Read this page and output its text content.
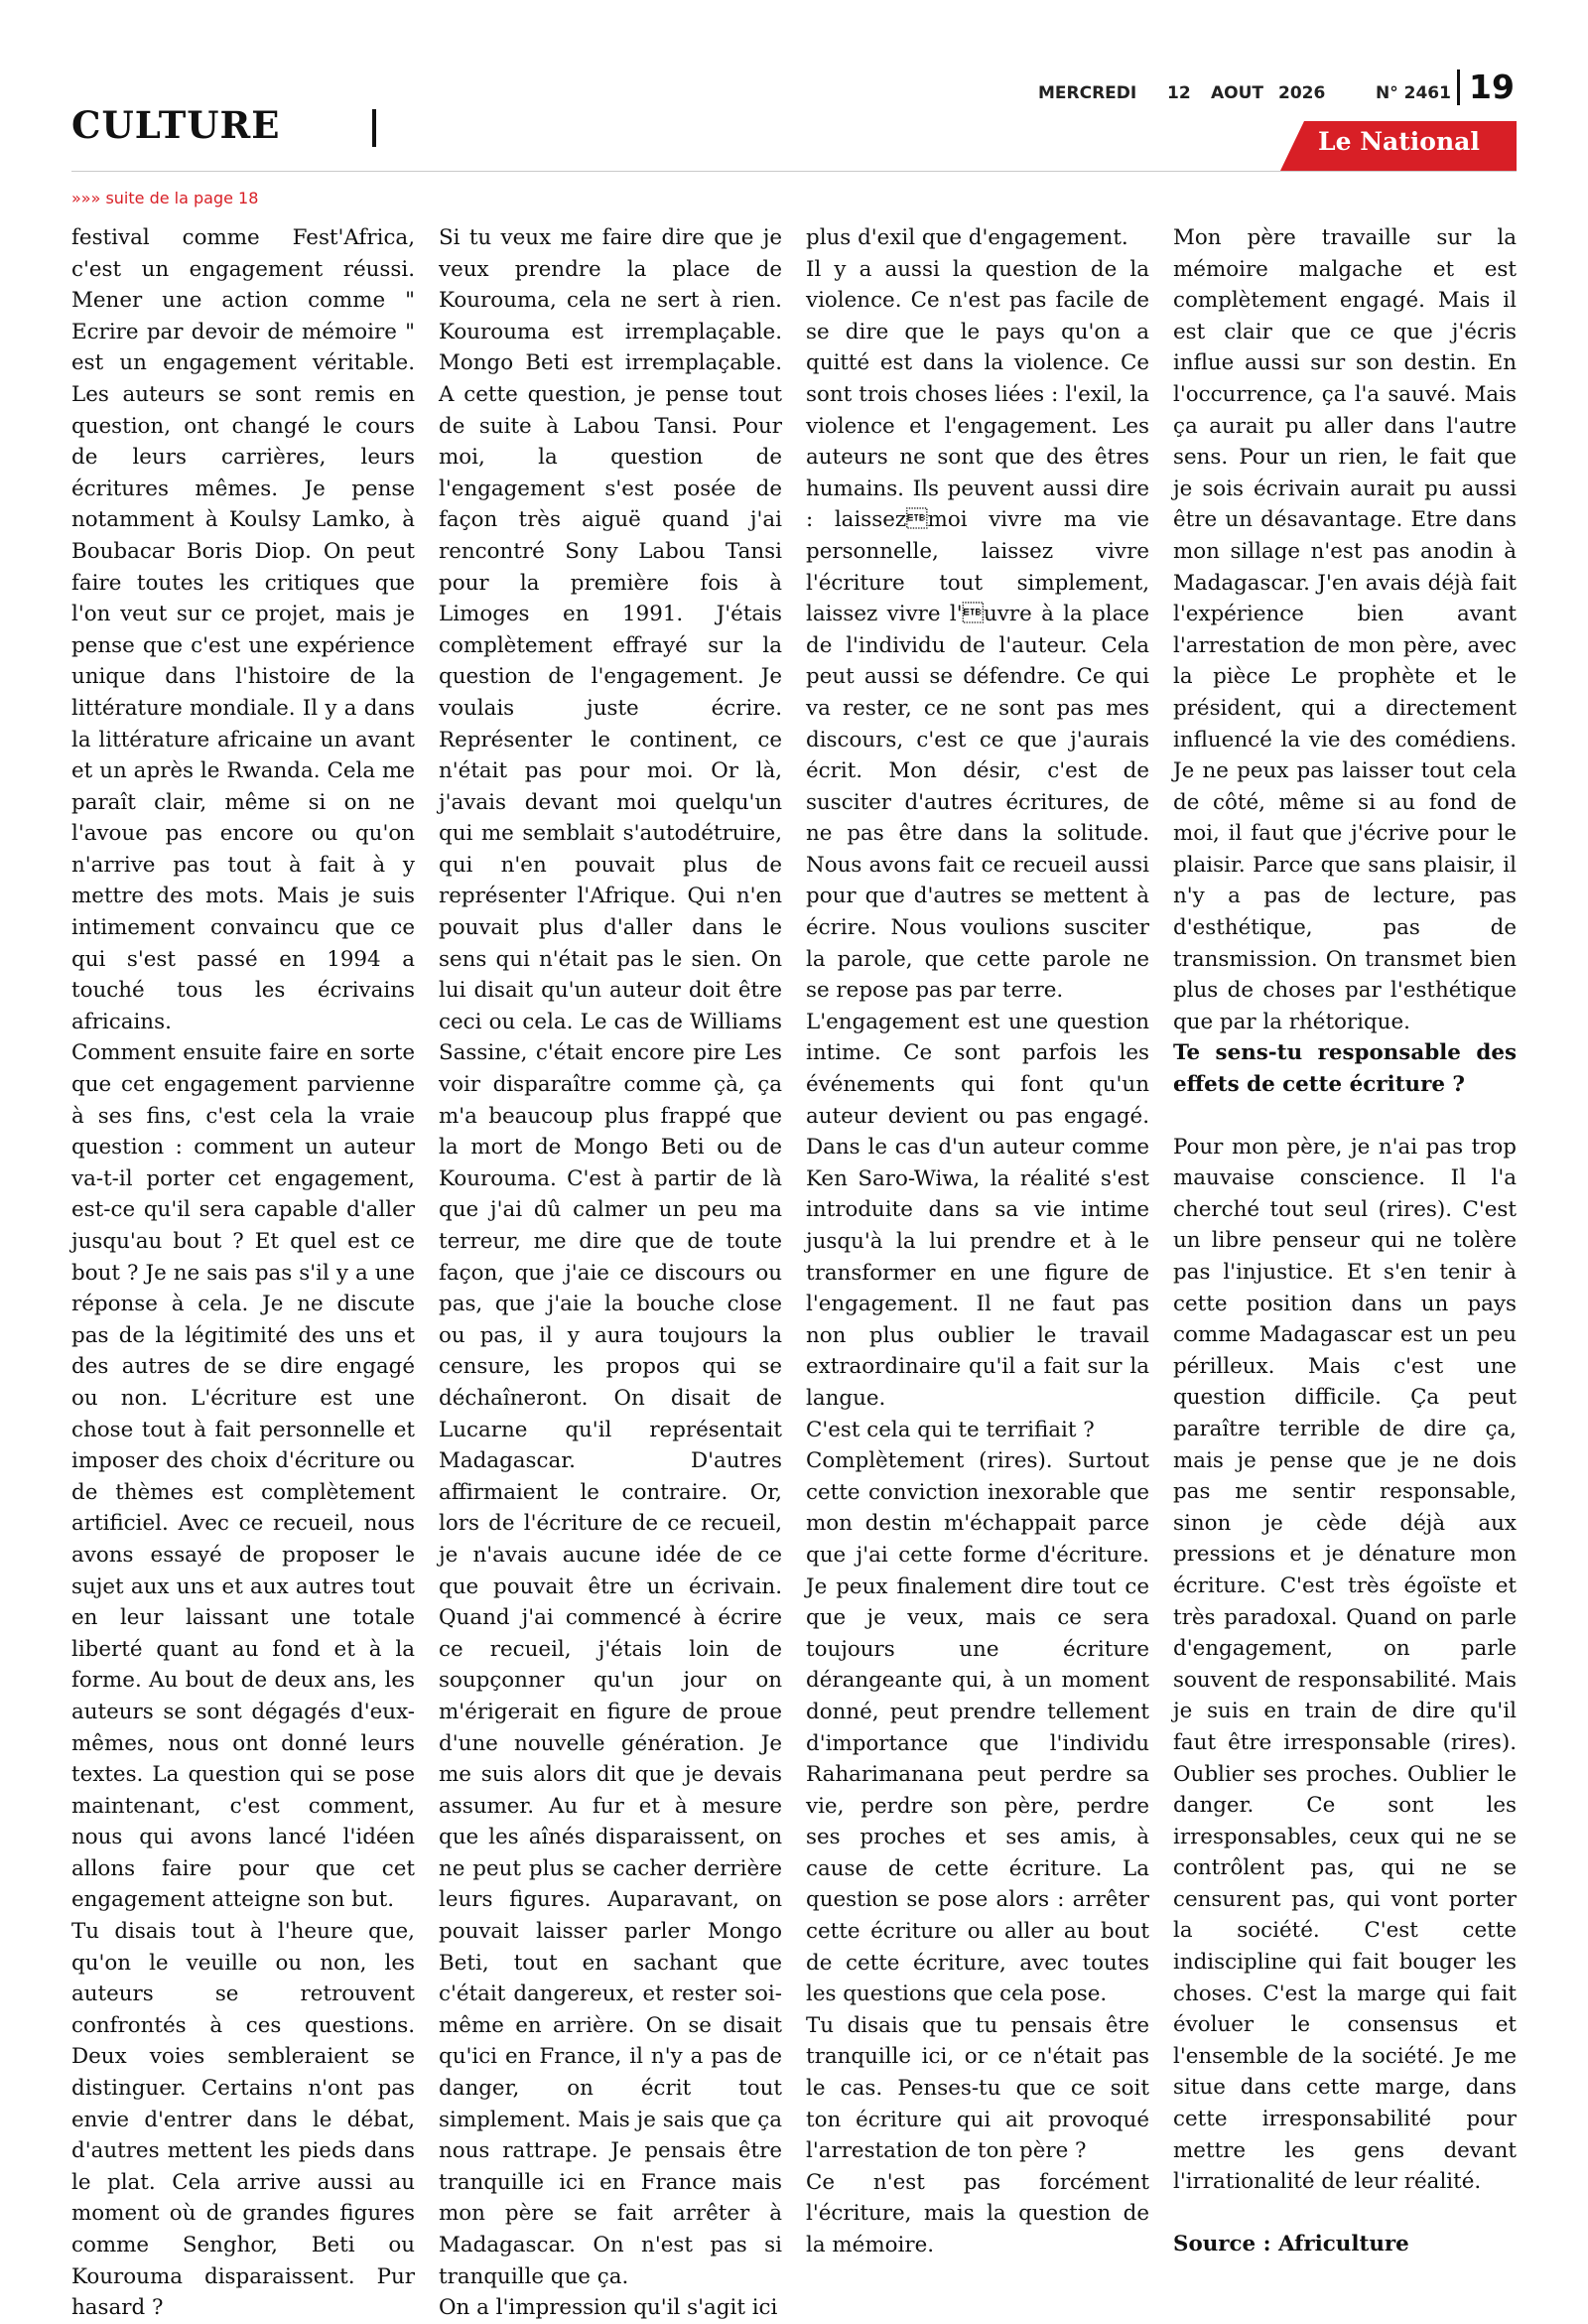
CULTURE
MERCREDI 12 AOUT 2026	N° 2461 19
Le National
»»» suite de la page 18

festival comme Fest'Africa, c'est un engagement réussi. Mener une action comme " Ecrire par devoir de mémoire " est un engagement véritable. Les auteurs se sont remis en question, ont changé le cours de leurs carrières, leurs écritures mêmes. Je pense notamment à Koulsy Lamko, à Boubacar Boris Diop. On peut faire toutes les critiques que l'on veut sur ce projet, mais je pense que c'est une expérience unique dans l'histoire de la littérature mondiale. Il y a dans la littérature africaine un avant et un après le Rwanda. Cela me paraît clair, même si on ne l'avoue pas encore ou qu'on n'arrive pas tout à fait à y mettre des mots. Mais je suis intimement convaincu que ce qui s'est passé en 1994 a touché tous les écrivains africains.

Comment ensuite faire en sorte que cet engagement parvienne à ses fins, c'est cela la vraie question : comment un auteur va-t-il porter cet engagement, est-ce qu'il sera capable d'aller jusqu'au bout ? Et quel est ce bout ? Je ne sais pas s'il y a une réponse à cela. Je ne discute pas de la légitimité des uns et des autres de se dire engagé ou non. L'écriture est une chose tout à fait personnelle et imposer des choix d'écriture ou de thèmes est complètement artificiel. Avec ce recueil, nous avons essayé de proposer le sujet aux uns et aux autres tout en leur laissant une totale liberté quant au fond et à la forme. Au bout de deux ans, les auteurs se sont dégagés d'eux-mêmes, nous ont donné leurs textes. La question qui se pose maintenant, c'est comment, nous qui avons lancé l'idéen allons faire pour que cet engagement atteigne son but.

Tu disais tout à l'heure que, qu'on le veuille ou non, les auteurs se retrouvent confrontés à ces questions. Deux voies sembleraient se distinguer. Certains n'ont pas envie d'entrer dans le débat, d'autres mettent les pieds dans le plat. Cela arrive aussi au moment où de grandes figures comme Senghor, Beti ou Kourouma disparaissent. Pur hasard ?

Si tu veux me faire dire que je veux prendre la place de Kourouma, cela ne sert à rien. Kourouma est irremplaçable. Mongo Beti est irremplaçable. A cette question, je pense tout de suite à Labou Tansi. Pour moi, la question de l'engagement s'est posée de façon très aiguë quand j'ai rencontré Sony Labou Tansi pour la première fois à Limoges en 1991. J'étais complètement effrayé sur la question de l'engagement. Je voulais juste écrire. Représenter le continent, ce n'était pas pour moi. Or là, j'avais devant moi quelqu'un qui me semblait s'autodétruire, qui n'en pouvait plus de représenter l'Afrique. Qui n'en pouvait plus d'aller dans le sens qui n'était pas le sien. On lui disait qu'un auteur doit être ceci ou cela. Le cas de Williams Sassine, c'était encore pire Les voir disparaître comme çà, ça m'a beaucoup plus frappé que la mort de Mongo Beti ou de Kourouma. C'est à partir de là que j'ai dû calmer un peu ma terreur, me dire que de toute façon, que j'aie ce discours ou pas, que j'aie la bouche close ou pas, il y aura toujours la censure, les propos qui se déchaîneront. On disait de Lucarne qu'il représentait Madagascar. D'autres affirmaient le contraire. Or, lors de l'écriture de ce recueil, je n'avais aucune idée de ce que pouvait être un écrivain. Quand j'ai commencé à écrire ce recueil, j'étais loin de soupçonner qu'un jour on m'érigerait en figure de proue d'une nouvelle génération. Je me suis alors dit que je devais assumer. Au fur et à mesure que les aînés disparaissent, on ne peut plus se cacher derrière leurs figures. Auparavant, on pouvait laisser parler Mongo Beti, tout en sachant que c'était dangereux, et rester soi-même en arrière. On se disait qu'ici en France, il n'y a pas de danger, on écrit tout simplement. Mais je sais que ça nous rattrape. Je pensais être tranquille ici en France mais mon père se fait arrêter à Madagascar. On n'est pas si tranquille que ça.

On a l'impression qu'il s'agit ici

plus d'exil que d'engagement.

Il y a aussi la question de la violence. Ce n'est pas facile de se dire que le pays qu'on a quitté est dans la violence. Ce sont trois choses liées : l'exil, la violence et l'engagement. Les auteurs ne sont que des êtres humains. Ils peuvent aussi dire : laissezmoi vivre ma vie personnelle, laissez vivre l'écriture tout simplement, laissez vivre l'uvre à la place de l'individu de l'auteur. Cela peut aussi se défendre. Ce qui va rester, ce ne sont pas mes discours, c'est ce que j'aurais écrit. Mon désir, c'est de susciter d'autres écritures, de ne pas être dans la solitude. Nous avons fait ce recueil aussi pour que d'autres se mettent à écrire. Nous voulions susciter la parole, que cette parole ne se repose pas par terre.

L'engagement est une question intime. Ce sont parfois les événements qui font qu'un auteur devient ou pas engagé. Dans le cas d'un auteur comme Ken Saro-Wiwa, la réalité s'est introduite dans sa vie intime jusqu'à la lui prendre et à le transformer en une figure de l'engagement. Il ne faut pas non plus oublier le travail extraordinaire qu'il a fait sur la langue.

C'est cela qui te terrifiait ?

Complètement (rires). Surtout cette conviction inexorable que mon destin m'échappait parce que j'ai cette forme d'écriture. Je peux finalement dire tout ce que je veux, mais ce sera toujours une écriture dérangeante qui, à un moment donné, peut prendre tellement d'importance que l'individu Raharimanana peut perdre sa vie, perdre son père, perdre ses proches et ses amis, à cause de cette écriture. La question se pose alors : arrêter cette écriture ou aller au bout de cette écriture, avec toutes les questions que cela pose.

Tu disais que tu pensais être tranquille ici, or ce n'était pas le cas. Penses-tu que ce soit ton écriture qui ait provoqué l'arrestation de ton père ?

Ce n'est pas forcément l'écriture, mais la question de la mémoire.

Mon père travaille sur la mémoire malgache et est complètement engagé. Mais il est clair que ce que j'écris influe aussi sur son destin. En l'occurrence, ça l'a sauvé. Mais ça aurait pu aller dans l'autre sens. Pour un rien, le fait que je sois écrivain aurait pu aussi être un désavantage. Etre dans mon sillage n'est pas anodin à Madagascar. J'en avais déjà fait l'expérience bien avant l'arrestation de mon père, avec la pièce Le prophète et le président, qui a directement influencé la vie des comédiens. Je ne peux pas laisser tout cela de côté, même si au fond de moi, il faut que j'écrive pour le plaisir. Parce que sans plaisir, il n'y a pas de lecture, pas d'esthétique, pas de transmission. On transmet bien plus de choses par l'esthétique que par la rhétorique.

Te sens-tu responsable des effets de cette écriture ?

Pour mon père, je n'ai pas trop mauvaise conscience. Il l'a cherché tout seul (rires). C'est un libre penseur qui ne tolère pas l'injustice. Et s'en tenir à cette position dans un pays comme Madagascar est un peu périlleux. Mais c'est une question difficile. Ça peut paraître terrible de dire ça, mais je pense que je ne dois pas me sentir responsable, sinon je cède déjà aux pressions et je dénature mon écriture. C'est très égoïste et très paradoxal. Quand on parle d'engagement, on parle souvent de responsabilité. Mais je suis en train de dire qu'il faut être irresponsable (rires). Oublier ses proches. Oublier le danger. Ce sont les irresponsables, ceux qui ne se contrôlent pas, qui ne se censurent pas, qui vont porter la société. C'est cette indiscipline qui fait bouger les choses. C'est la marge qui fait évoluer le consensus et l'ensemble de la société. Je me situe dans cette marge, dans cette irresponsabilité pour mettre les gens devant l'irrationalité de leur réalité.

Source : Africulture
